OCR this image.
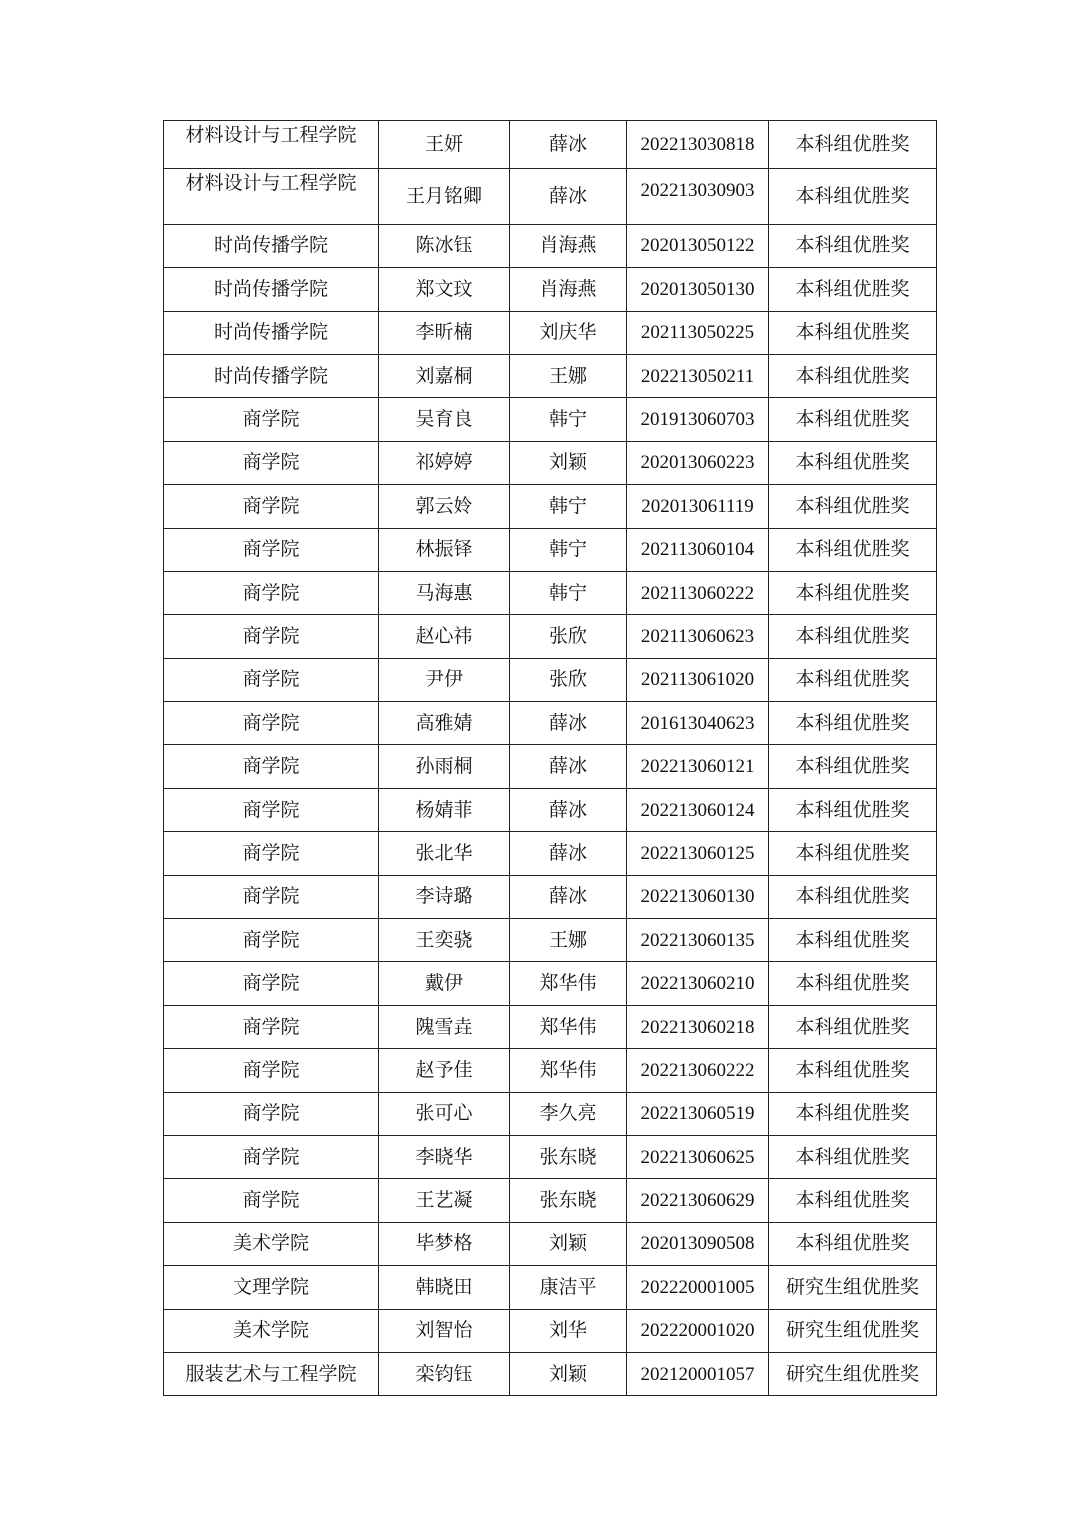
材料设计与工程学院	王妍	薛冰	202213030818	本科组优胜奖
材料设计与工程学院	王月铭卿	薛冰	202213030903	本科组优胜奖
时尚传播学院	陈冰钰	肖海燕	202013050122	本科组优胜奖
时尚传播学院	郑文玟	肖海燕	202013050130	本科组优胜奖
时尚传播学院	李昕楠	刘庆华	202113050225	本科组优胜奖
时尚传播学院	刘嘉桐	王娜	202213050211	本科组优胜奖
商学院	吴育良	韩宁	201913060703	本科组优胜奖
商学院	祁婷婷	刘颖	202013060223	本科组优胜奖
商学院	郭云姈	韩宁	202013061119	本科组优胜奖
商学院	林振铎	韩宁	202113060104	本科组优胜奖
商学院	马海惠	韩宁	202113060222	本科组优胜奖
商学院	赵心祎	张欣	202113060623	本科组优胜奖
商学院	尹伊	张欣	202113061020	本科组优胜奖
商学院	高雅婧	薛冰	201613040623	本科组优胜奖
商学院	孙雨桐	薛冰	202213060121	本科组优胜奖
商学院	杨婧菲	薛冰	202213060124	本科组优胜奖
商学院	张北华	薛冰	202213060125	本科组优胜奖
商学院	李诗璐	薛冰	202213060130	本科组优胜奖
商学院	王奕骁	王娜	202213060135	本科组优胜奖
商学院	戴伊	郑华伟	202213060210	本科组优胜奖
商学院	隗雪垚	郑华伟	202213060218	本科组优胜奖
商学院	赵予佳	郑华伟	202213060222	本科组优胜奖
商学院	张可心	李久亮	202213060519	本科组优胜奖
商学院	李晓华	张东晓	202213060625	本科组优胜奖
商学院	王艺凝	张东晓	202213060629	本科组优胜奖
美术学院	毕梦格	刘颖	202013090508	本科组优胜奖
文理学院	韩晓田	康洁平	202220001005	研究生组优胜奖
美术学院	刘智怡	刘华	202220001020	研究生组优胜奖
服装艺术与工程学院	栾钧钰	刘颖	202120001057	研究生组优胜奖
